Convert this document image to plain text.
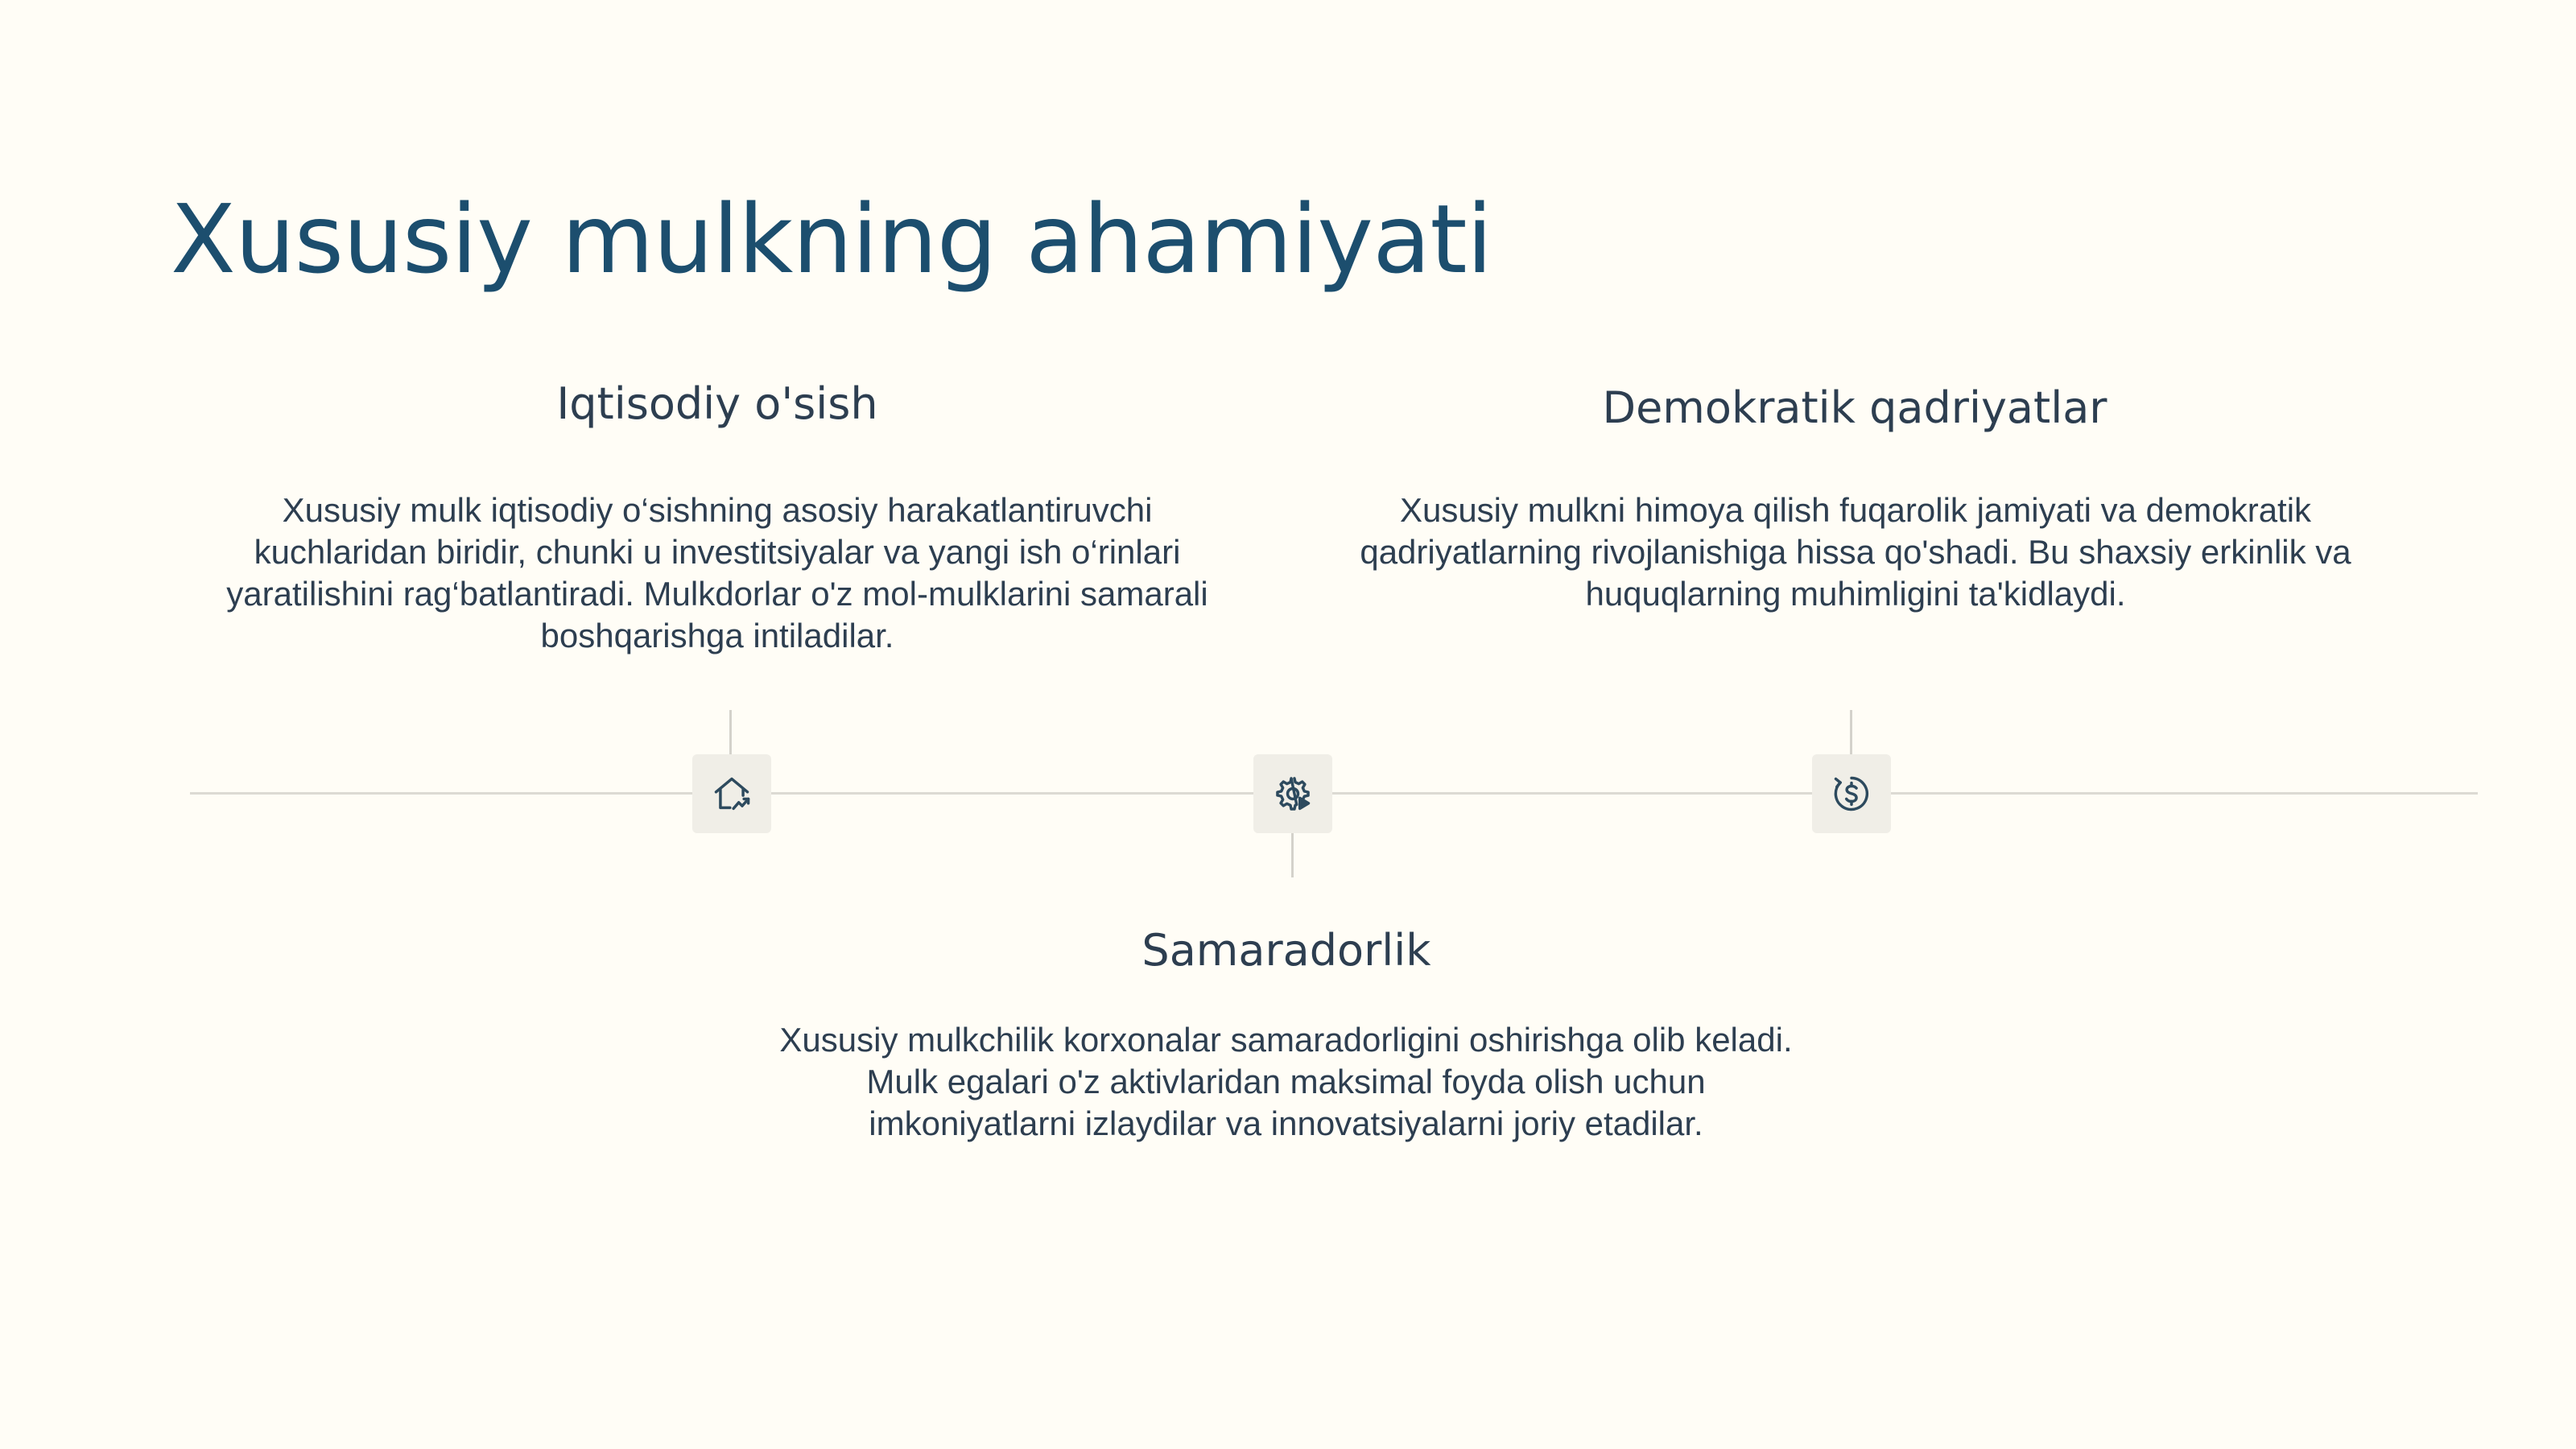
Xususiy mulkning ahamiyati
Iqtisodiy o'sish

Xususiy mulk iqtisodiy o‘sishning asosiy harakatlantiruvchi kuchlaridan biridir, chunki u investitsiyalar va yangi ish o‘rinlari yaratilishini rag‘batlantiradi. Mulkdorlar o'z mol-mulklarini samarali boshqarishga intiladilar.

Demokratik qadriyatlar

Xususiy mulkni himoya qilish fuqarolik jamiyati va demokratik qadriyatlarning rivojlanishiga hissa qo'shadi. Bu shaxsiy erkinlik va huquqlarning muhimligini ta'kidlaydi.

Samaradorlik

Xususiy mulkchilik korxonalar samaradorligini oshirishga olib keladi. Mulk egalari o'z aktivlaridan maksimal foyda olish uchun imkoniyatlarni izlaydilar va innovatsiyalarni joriy etadilar.
